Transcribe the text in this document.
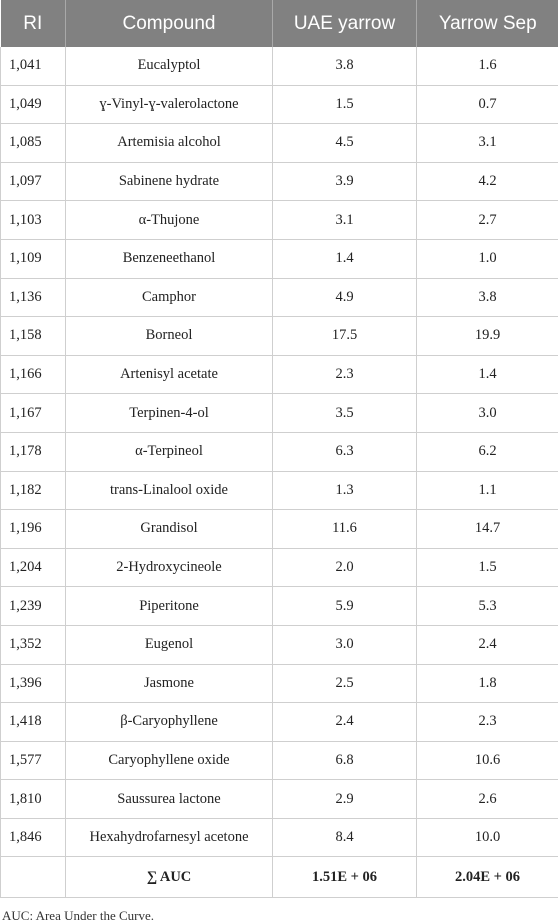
RI	Compound	UAE yarrow	Yarrow Sep
1,041	Eucalyptol	3.8	1.6
1,049	ɣ-Vinyl-ɣ-valerolactone	1.5	0.7
1,085	Artemisia alcohol	4.5	3.1
1,097	Sabinene hydrate	3.9	4.2
1,103	α-Thujone	3.1	2.7
1,109	Benzeneethanol	1.4	1.0
1,136	Camphor	4.9	3.8
1,158	Borneol	17.5	19.9
1,166	Artenisyl acetate	2.3	1.4
1,167	Terpinen-4-ol	3.5	3.0
1,178	α-Terpineol	6.3	6.2
1,182	trans-Linalool oxide	1.3	1.1
1,196	Grandisol	11.6	14.7
1,204	2-Hydroxycineole	2.0	1.5
1,239	Piperitone	5.9	5.3
1,352	Eugenol	3.0	2.4
1,396	Jasmone	2.5	1.8
1,418	β-Caryophyllene	2.4	2.3
1,577	Caryophyllene oxide	6.8	10.6
1,810	Saussurea lactone	2.9	2.6
1,846	Hexahydrofarnesyl acetone	8.4	10.0
	∑ AUC	1.51E + 06	2.04E + 06
AUC: Area Under the Curve.
